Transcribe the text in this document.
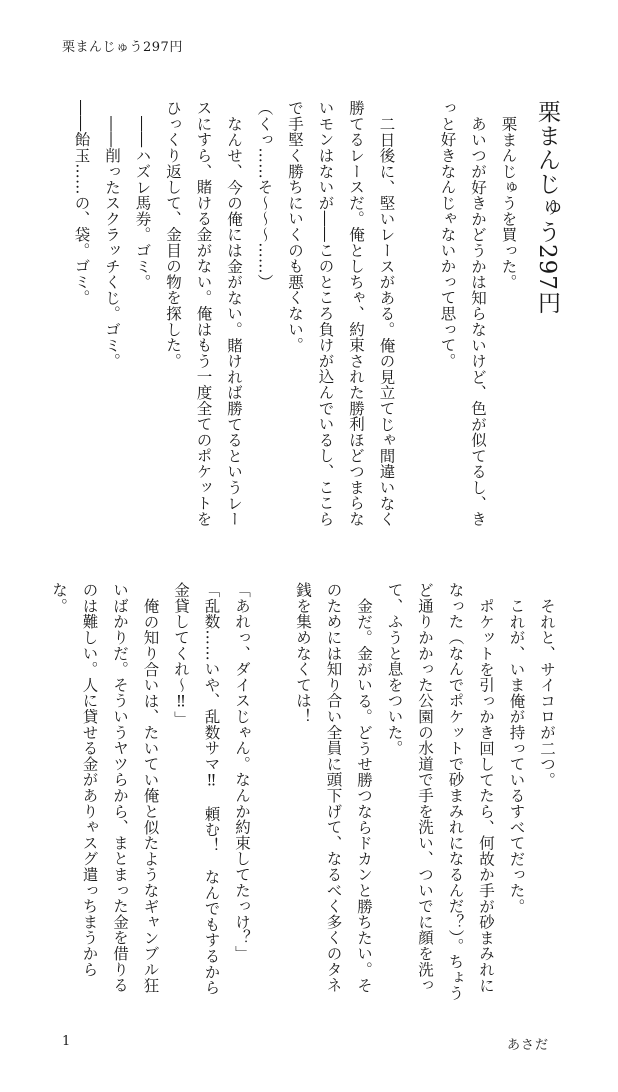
栗まんじゅう297円
栗まんじゅう297円

栗まんじゅうを買った。

あいつが好きかどうかは知らないけど、色が似てるし、きっと好きなんじゃないかって思って。

二日後に、堅いレースがある。俺の見立てじゃ間違いなく勝てるレースだ。俺としちゃ、約束された勝利ほどつまらないモンはないが――このところ負けが込んでいるし、ここらで手堅く勝ちにいくのも悪くない。

（くっ……そ～～～……）

なんせ、今の俺には金がない。賭ければ勝てるというレースにすら、賭ける金がない。俺はもう一度全てのポケットをひっくり返して、金目の物を探した。

――ハズレ馬券。ゴミ。

――削ったスクラッチくじ。ゴミ。

――飴玉……の、袋。ゴミ。

それと、サイコロが二つ。

これが、いま俺が持っているすべてだった。

ポケットを引っかき回してたら、何故か手が砂まみれになった（なんでポケットで砂まみれになるんだ？）。ちょうど通りかかった公園の水道で手を洗い、ついでに顔を洗って、ふうと息をついた。

金だ。金がいる。どうせ勝つならドカンと勝ちたい。そのためには知り合い全員に頭下げて、なるべく多くのタネ銭を集めなくては！

「あれっ、ダイスじゃん。なんか約束してたっけ？」

「乱数……いや、乱数サマ‼　頼む！　なんでもするから金貸してくれ～‼」

俺の知り合いは、たいてい俺と似たようなギャンブル狂いばかりだ。そういうヤツらから、まとまった金を借りるのは難しい。人に貸せる金がありゃスグ遣っちまうからな。

1	あさだ
